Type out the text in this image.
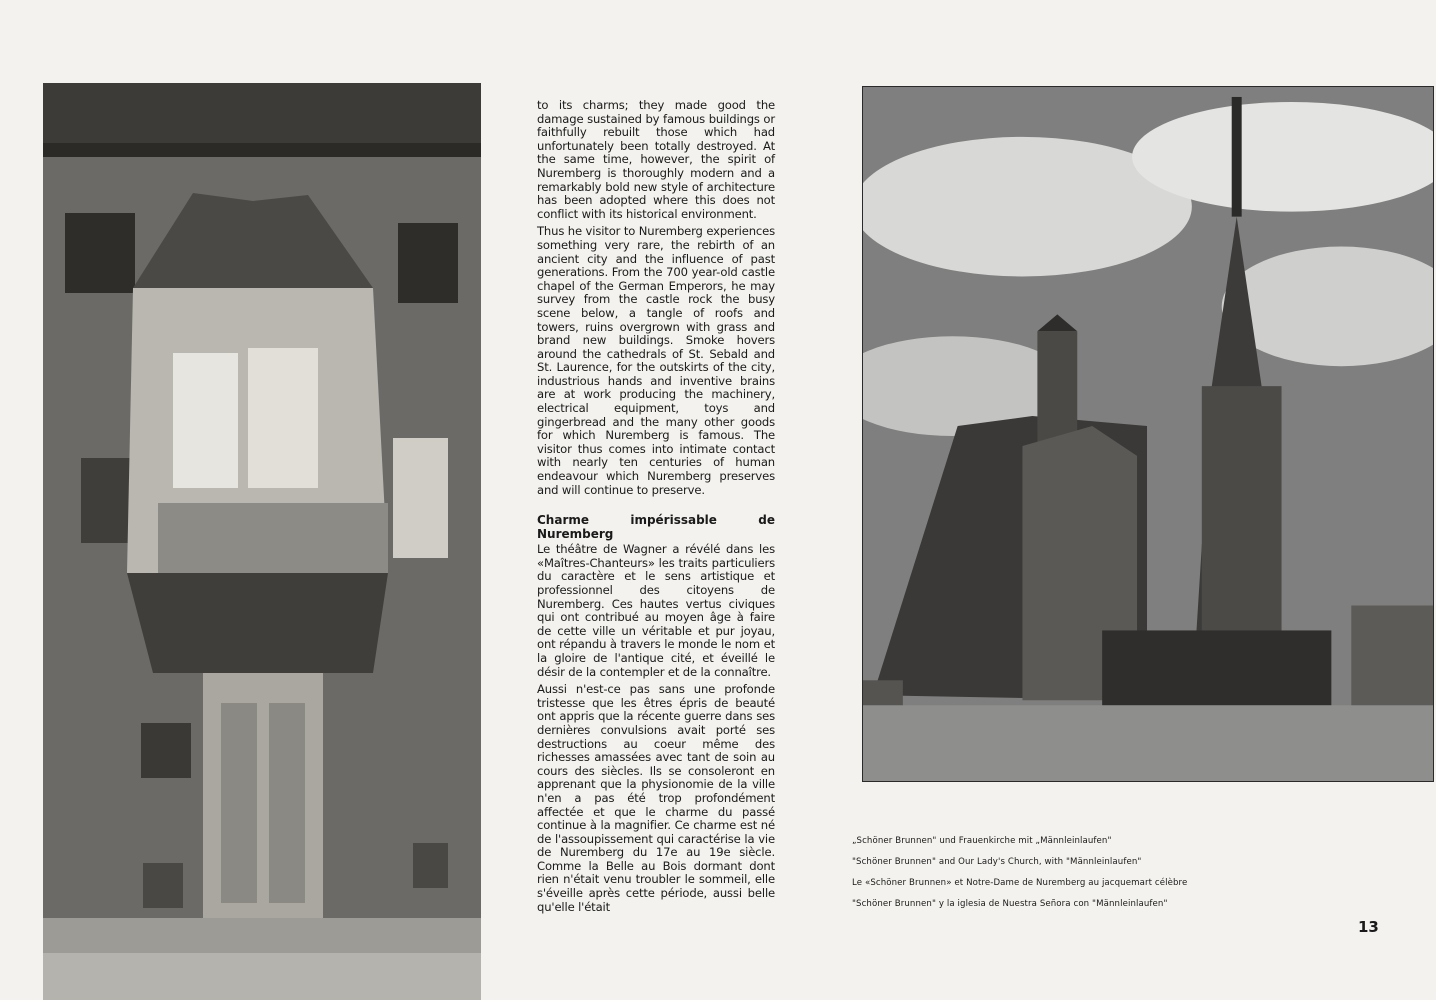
to its charms; they made good the damage sustained by famous buildings or faithfully rebuilt those which had unfortunately been totally destroyed. At the same time, however, the spirit of Nuremberg is thoroughly modern and a remarkably bold new style of architecture has been adopted where this does not conflict with its historical environment.

Thus he visitor to Nuremberg experiences something very rare, the rebirth of an ancient city and the influence of past generations. From the 700 year-old castle chapel of the German Emperors, he may survey from the castle rock the busy scene below, a tangle of roofs and towers, ruins overgrown with grass and brand new buildings. Smoke hovers around the cathedrals of St. Sebald and St. Laurence, for the outskirts of the city, industrious hands and inventive brains are at work producing the machinery, electrical equipment, toys and gingerbread and the many other goods for which Nuremberg is famous. The visitor thus comes into intimate contact with nearly ten centuries of human endeavour which Nuremberg preserves and will continue to preserve.

Charme impérissable de Nuremberg

Le théâtre de Wagner a révélé dans les «Maîtres-Chanteurs» les traits particuliers du caractère et le sens artistique et professionnel des citoyens de Nuremberg. Ces hautes vertus civiques qui ont contribué au moyen âge à faire de cette ville un véritable et pur joyau, ont répandu à travers le monde le nom et la gloire de l'antique cité, et éveillé le désir de la contempler et de la connaître.

Aussi n'est-ce pas sans une profonde tristesse que les êtres épris de beauté ont appris que la récente guerre dans ses dernières convulsions avait porté ses destructions au coeur même des richesses amassées avec tant de soin au cours des siècles. Ils se consoleront en apprenant que la physionomie de la ville n'en a pas été trop profondément affectée et que le charme du passé continue à la magnifier. Ce charme est né de l'assoupissement qui caractérise la vie de Nuremberg du 17e au 19e siècle. Comme la Belle au Bois dormant dont rien n'était venu troubler le sommeil, elle s'éveille après cette période, aussi belle qu'elle l'était

„Schöner Brunnen" und Frauenkirche mit „Männleinlaufen"
"Schöner Brunnen" and Our Lady's Church, with "Männleinlaufen"
Le «Schöner Brunnen» et Notre-Dame de Nuremberg au jacquemart célèbre
"Schöner Brunnen" y la iglesia de Nuestra Señora con "Männleinlaufen"
13
